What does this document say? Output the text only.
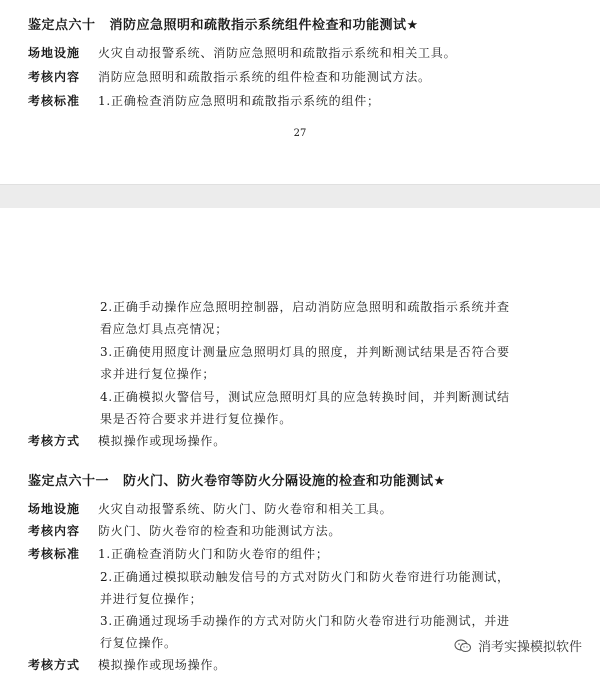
鉴定点六十 消防应急照明和疏散指示系统组件检查和功能测试★
场地设施 火灾自动报警系统、消防应急照明和疏散指示系统和相关工具。
考核内容 消防应急照明和疏散指示系统的组件检查和功能测试方法。
考核标准 1.正确检查消防应急照明和疏散指示系统的组件；
27
2.正确手动操作应急照明控制器，启动消防应急照明和疏散指示系统并查
看应急灯具点亮情况；
3.正确使用照度计测量应急照明灯具的照度，并判断测试结果是否符合要
求并进行复位操作；
4.正确模拟火警信号，测试应急照明灯具的应急转换时间，并判断测试结
果是否符合要求并进行复位操作。
考核方式 模拟操作或现场操作。
鉴定点六十一 防火门、防火卷帘等防火分隔设施的检查和功能测试★
场地设施 火灾自动报警系统、防火门、防火卷帘和相关工具。
考核内容 防火门、防火卷帘的检查和功能测试方法。
考核标准 1.正确检查消防火门和防火卷帘的组件；
2.正确通过模拟联动触发信号的方式对防火门和防火卷帘进行功能测试，
并进行复位操作；
3.正确通过现场手动操作的方式对防火门和防火卷帘进行功能测试，并进
行复位操作。
考核方式 模拟操作或现场操作。
消考实操模拟软件
